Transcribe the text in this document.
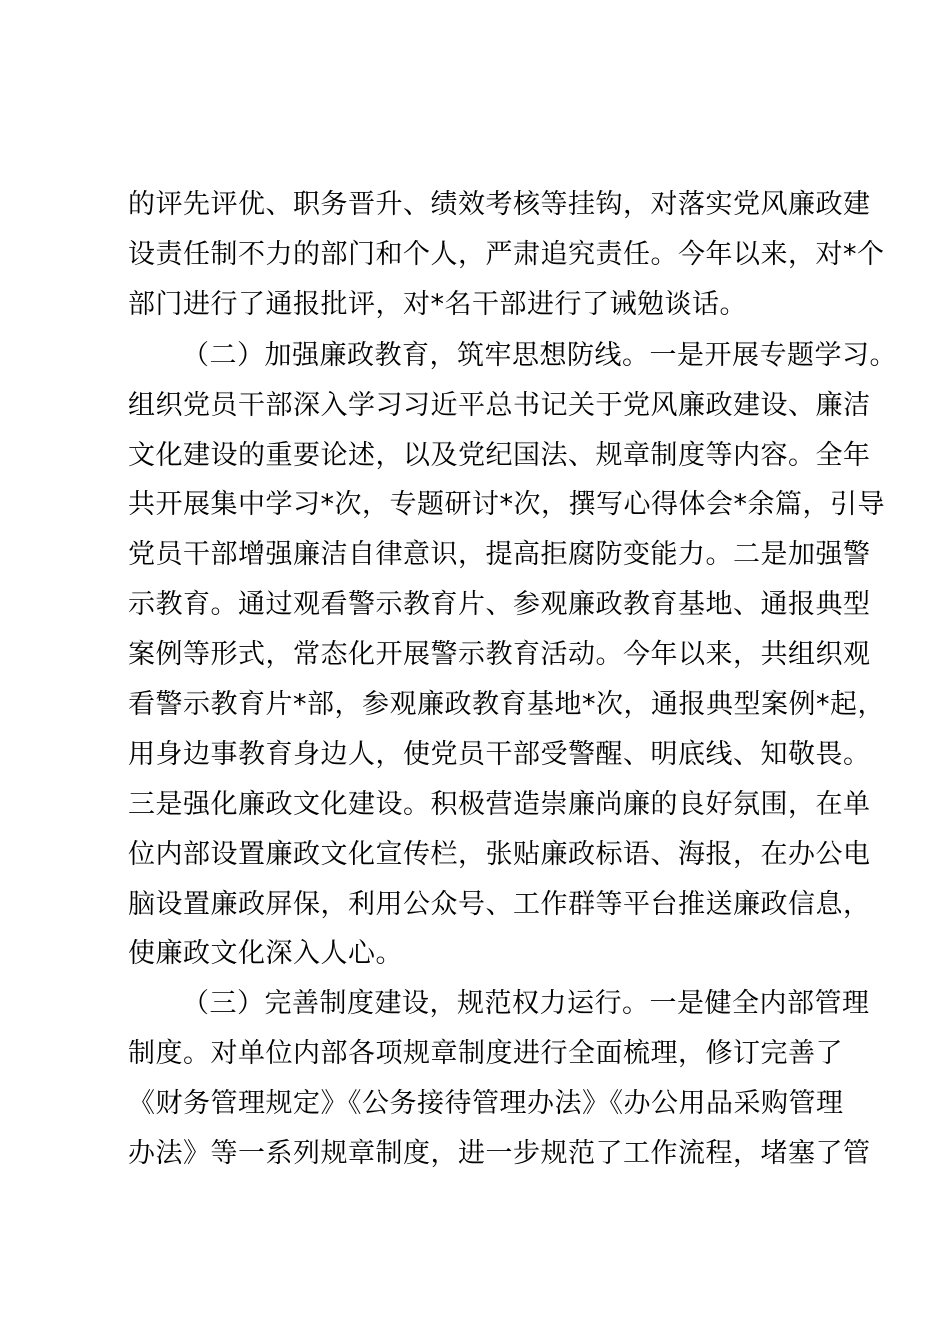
的评先评优、职务晋升、绩效考核等挂钩，对落实党风廉政建
设责任制不力的部门和个人，严肃追究责任。今年以来，对*个
部门进行了通报批评，对*名干部进行了诫勉谈话。
（二）加强廉政教育，筑牢思想防线。一是开展专题学习。
组织党员干部深入学习习近平总书记关于党风廉政建设、廉洁
文化建设的重要论述，以及党纪国法、规章制度等内容。全年
共开展集中学习*次，专题研讨*次，撰写心得体会*余篇，引导
党员干部增强廉洁自律意识，提高拒腐防变能力。二是加强警
示教育。通过观看警示教育片、参观廉政教育基地、通报典型
案例等形式，常态化开展警示教育活动。今年以来，共组织观
看警示教育片*部，参观廉政教育基地*次，通报典型案例*起，
用身边事教育身边人，使党员干部受警醒、明底线、知敬畏。
三是强化廉政文化建设。积极营造崇廉尚廉的良好氛围，在单
位内部设置廉政文化宣传栏，张贴廉政标语、海报，在办公电
脑设置廉政屏保，利用公众号、工作群等平台推送廉政信息，
使廉政文化深入人心。
（三）完善制度建设，规范权力运行。一是健全内部管理
制度。对单位内部各项规章制度进行全面梳理，修订完善了
《财务管理规定》《公务接待管理办法》《办公用品采购管理
办法》等一系列规章制度，进一步规范了工作流程，堵塞了管
